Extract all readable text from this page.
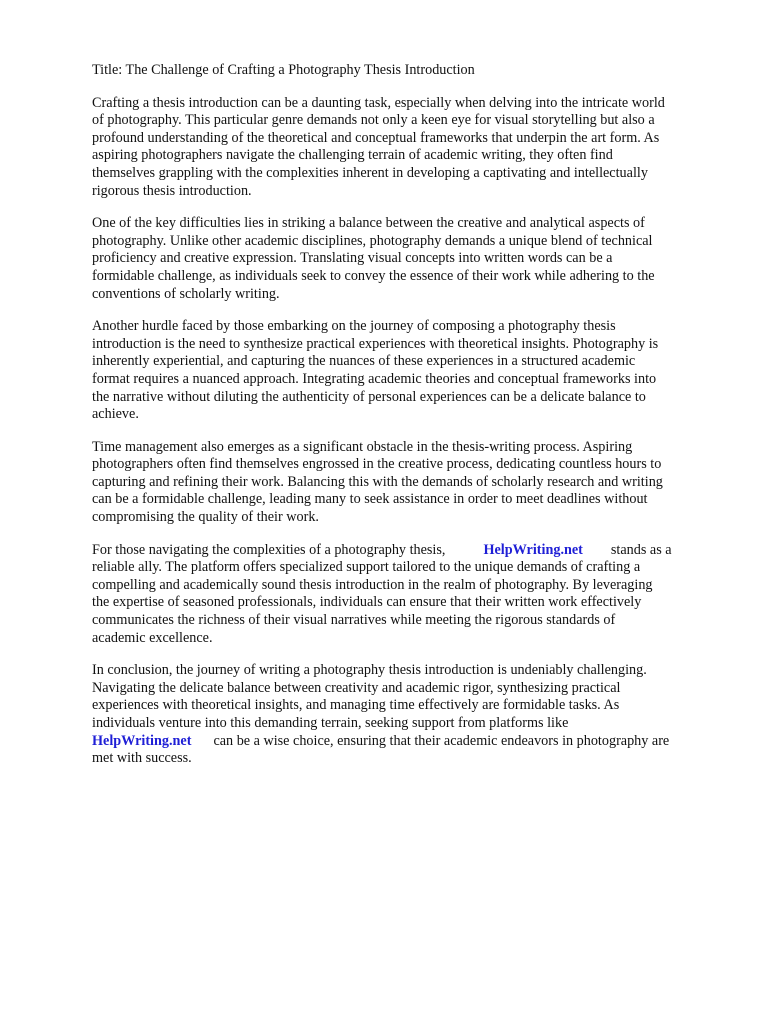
Title: The Challenge of Crafting a Photography Thesis Introduction
Crafting a thesis introduction can be a daunting task, especially when delving into the intricate world
of photography. This particular genre demands not only a keen eye for visual storytelling but also a
profound understanding of the theoretical and conceptual frameworks that underpin the art form. As
aspiring photographers navigate the challenging terrain of academic writing, they often find
themselves grappling with the complexities inherent in developing a captivating and intellectually
rigorous thesis introduction.
One of the key difficulties lies in striking a balance between the creative and analytical aspects of
photography. Unlike other academic disciplines, photography demands a unique blend of technical
proficiency and creative expression. Translating visual concepts into written words can be a
formidable challenge, as individuals seek to convey the essence of their work while adhering to the
conventions of scholarly writing.
Another hurdle faced by those embarking on the journey of composing a photography thesis
introduction is the need to synthesize practical experiences with theoretical insights. Photography is
inherently experiential, and capturing the nuances of these experiences in a structured academic
format requires a nuanced approach. Integrating academic theories and conceptual frameworks into
the narrative without diluting the authenticity of personal experiences can be a delicate balance to
achieve.
Time management also emerges as a significant obstacle in the thesis-writing process. Aspiring
photographers often find themselves engrossed in the creative process, dedicating countless hours to
capturing and refining their work. Balancing this with the demands of scholarly research and writing
can be a formidable challenge, leading many to seek assistance in order to meet deadlines without
compromising the quality of their work.
For those navigating the complexities of a photography thesis,	HelpWriting.net stands as a
reliable ally. The platform offers specialized support tailored to the unique demands of crafting a
compelling and academically sound thesis introduction in the realm of photography. By leveraging
the expertise of seasoned professionals, individuals can ensure that their written work effectively
communicates the richness of their visual narratives while meeting the rigorous standards of
academic excellence.
In conclusion, the journey of writing a photography thesis introduction is undeniably challenging.
Navigating the delicate balance between creativity and academic rigor, synthesizing practical
experiences with theoretical insights, and managing time effectively are formidable tasks. As
individuals venture into this demanding terrain, seeking support from platforms like
HelpWriting.net can be a wise choice, ensuring that their academic endeavors in photography are
met with success.
